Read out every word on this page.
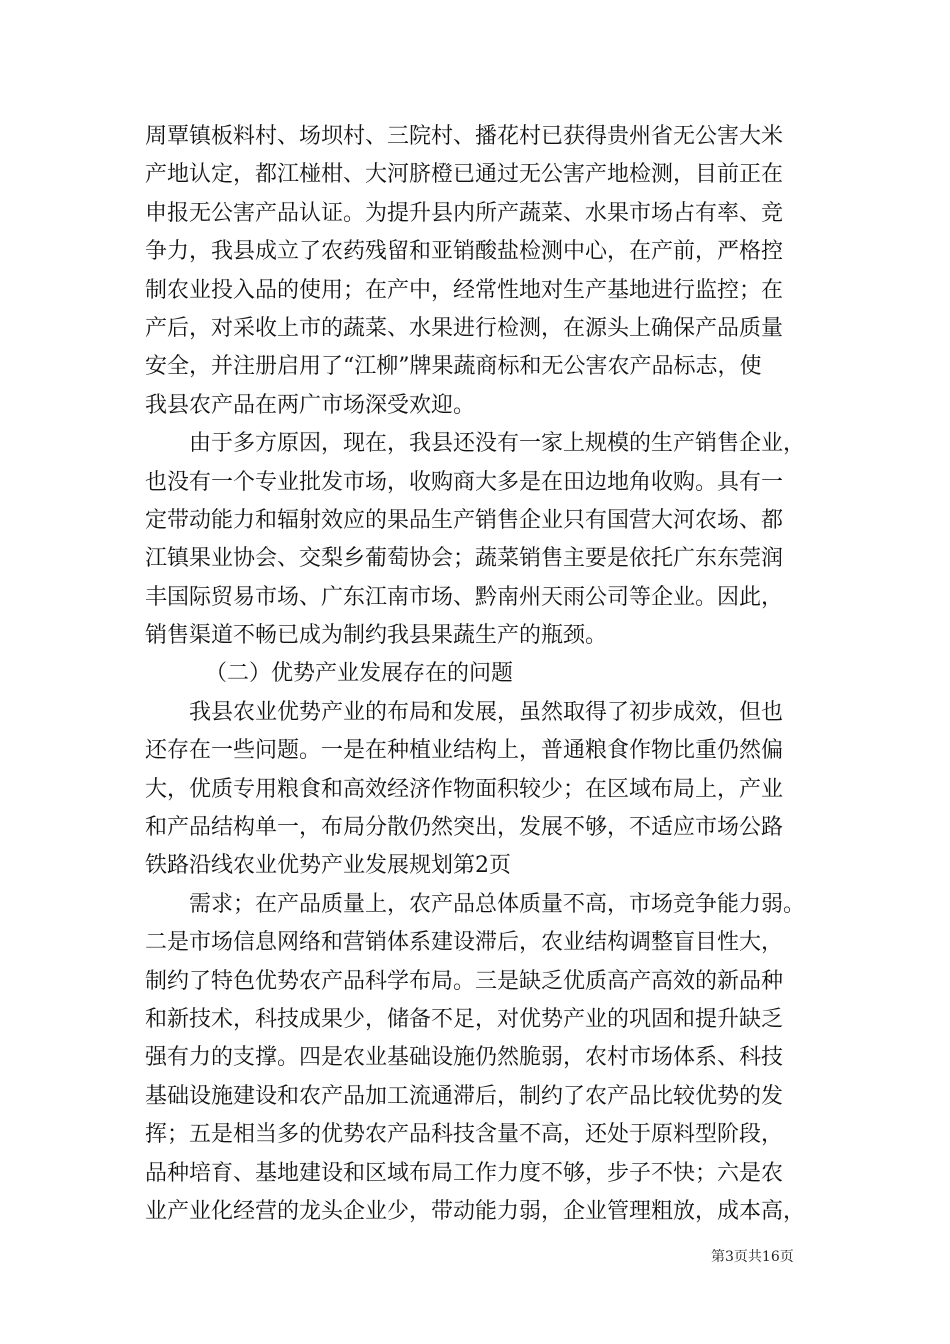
周覃镇板料村、场坝村、三院村、播花村已获得贵州省无公害大米
产地认定，都江椪柑、大河脐橙已通过无公害产地检测，目前正在
申报无公害产品认证。为提升县内所产蔬菜、水果市场占有率、竞
争力，我县成立了农药残留和亚销酸盐检测中心，在产前，严格控
制农业投入品的使用；在产中，经常性地对生产基地进行监控；在
产后，对采收上市的蔬菜、水果进行检测，在源头上确保产品质量
安全，并注册启用了“江柳”牌果蔬商标和无公害农产品标志，使
我县农产品在两广市场深受欢迎。
由于多方原因，现在，我县还没有一家上规模的生产销售企业，
也没有一个专业批发市场，收购商大多是在田边地角收购。具有一
定带动能力和辐射效应的果品生产销售企业只有国营大河农场、都
江镇果业协会、交梨乡葡萄协会；蔬菜销售主要是依托广东东莞润
丰国际贸易市场、广东江南市场、黔南州天雨公司等企业。因此，
销售渠道不畅已成为制约我县果蔬生产的瓶颈。
（二）优势产业发展存在的问题
我县农业优势产业的布局和发展，虽然取得了初步成效，但也
还存在一些问题。一是在种植业结构上，普通粮食作物比重仍然偏
大，优质专用粮食和高效经济作物面积较少；在区域布局上，产业
和产品结构单一，布局分散仍然突出，发展不够，不适应市场公路
铁路沿线农业优势产业发展规划第2页
需求；在产品质量上，农产品总体质量不高，市场竞争能力弱。
二是市场信息网络和营销体系建设滞后，农业结构调整盲目性大，
制约了特色优势农产品科学布局。三是缺乏优质高产高效的新品种
和新技术，科技成果少，储备不足，对优势产业的巩固和提升缺乏
强有力的支撑。四是农业基础设施仍然脆弱，农村市场体系、科技
基础设施建设和农产品加工流通滞后，制约了农产品比较优势的发
挥；五是相当多的优势农产品科技含量不高，还处于原料型阶段，
品种培育、基地建设和区域布局工作力度不够，步子不快；六是农
业产业化经营的龙头企业少，带动能力弱，企业管理粗放，成本高，
第3页共16页
